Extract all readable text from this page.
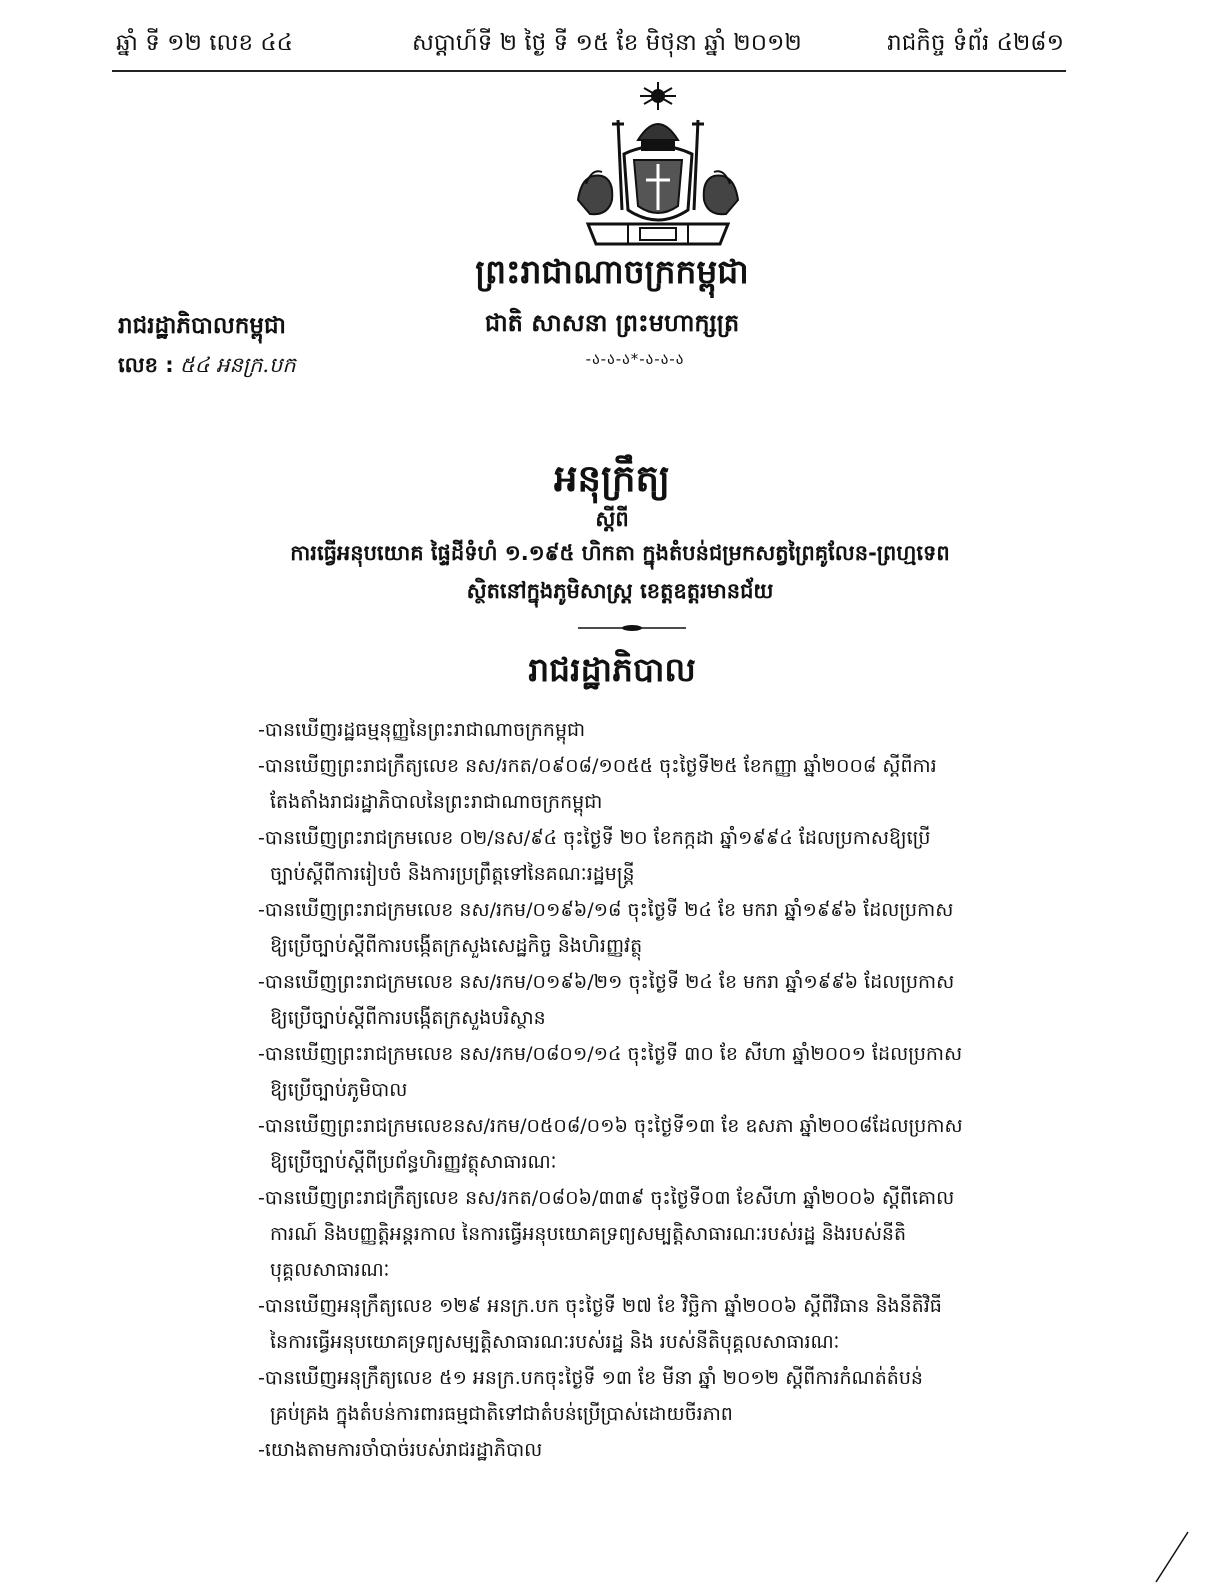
ឆ្នាំ ទី ១២ លេខ ៤៤	សប្តាហ៍ទី ២ ថ្ងៃ ទី ១៥ ខែ មិថុនា ឆ្នាំ ២០១២	រាជកិច្ច ទំព័រ ៤២៨១
ព្រះរាជាណាចក្រកម្ពុជា
ជាតិ សាសនា ព្រះមហាក្សត្រ
-ა-ა-ა*-ა-ა-ა
រាជរដ្ឋាភិបាលកម្ពុជា
លេខ : ៥៤ អនក្រ.បក
អនុក្រឹត្យ
ស្តីពី
ការធ្វើអនុបយោគ ផ្ទៃដីទំហំ ១.១៩៥ ហិកតា ក្នុងតំបន់ជម្រកសត្វព្រៃគូលែន-ព្រហ្មទេព
ស្ថិតនៅក្នុងភូមិសាស្ត្រ ខេត្តឧត្តរមានជ័យ
រាជរដ្ឋាភិបាល
-បានឃើញរដ្ឋធម្មនុញ្ញនៃព្រះរាជាណាចក្រកម្ពុជា
-បានឃើញព្រះរាជក្រឹត្យលេខ នស/រកត/០៩០៨/១០៥៥ ចុះថ្ងៃទី២៥ ខែកញ្ញា ឆ្នាំ២០០៨ ស្តីពីការ
តែងតាំងរាជរដ្ឋាភិបាលនៃព្រះរាជាណាចក្រកម្ពុជា
-បានឃើញព្រះរាជក្រមលេខ ០២/នស/៩៤ ចុះថ្ងៃទី ២០ ខែកក្កដា ឆ្នាំ១៩៩៤ ដែលប្រកាសឱ្យប្រើ
ច្បាប់ស្តីពីការរៀបចំ និងការប្រព្រឹត្តទៅនៃគណៈរដ្ឋមន្ត្រី
-បានឃើញព្រះរាជក្រមលេខ នស/រកម/០១៩៦/១៨ ចុះថ្ងៃទី ២៤ ខែ មករា ឆ្នាំ១៩៩៦ ដែលប្រកាស
ឱ្យប្រើច្បាប់ស្តីពីការបង្កើតក្រសួងសេដ្ឋកិច្ច និងហិរញ្ញវត្ថុ
-បានឃើញព្រះរាជក្រមលេខ នស/រកម/០១៩៦/២១ ចុះថ្ងៃទី ២៤ ខែ មករា ឆ្នាំ១៩៩៦ ដែលប្រកាស
ឱ្យប្រើច្បាប់ស្តីពីការបង្កើតក្រសួងបរិស្ថាន
-បានឃើញព្រះរាជក្រមលេខ នស/រកម/០៨០១/១៤ ចុះថ្ងៃទី ៣០ ខែ សីហា ឆ្នាំ២០០១ ដែលប្រកាស
ឱ្យប្រើច្បាប់ភូមិបាល
-បានឃើញព្រះរាជក្រមលេខនស/រកម/០៥០៨/០១៦ ចុះថ្ងៃទី១៣ ខែ ឧសភា ឆ្នាំ២០០៨ដែលប្រកាស
ឱ្យប្រើច្បាប់ស្តីពីប្រព័ន្ធហិរញ្ញវត្ថុសាធារណៈ
-បានឃើញព្រះរាជក្រឹត្យលេខ នស/រកត/០៨០៦/៣៣៩ ចុះថ្ងៃទី០៣ ខែសីហា ឆ្នាំ២០០៦ ស្តីពីគោល
ការណ៍ និងបញ្ញត្តិអន្តរកាល នៃការធ្វើអនុបយោគទ្រព្យសម្បត្តិសាធារណៈរបស់រដ្ឋ និងរបស់នីតិ
បុគ្គលសាធារណៈ
-បានឃើញអនុក្រឹត្យលេខ ១២៩ អនក្រ.បក ចុះថ្ងៃទី ២៧ ខែ វិច្ឆិកា ឆ្នាំ២០០៦ ស្តីពីវិធាន និងនីតិវិធី
នៃការធ្វើអនុបយោគទ្រព្យសម្បត្តិសាធារណៈរបស់រដ្ឋ និង របស់នីតិបុគ្គលសាធារណៈ
-បានឃើញអនុក្រឹត្យលេខ ៥១ អនក្រ.បកចុះថ្ងៃទី ១៣ ខែ មីនា ឆ្នាំ ២០១២ ស្តីពីការកំណត់តំបន់
គ្រប់គ្រង ក្នុងតំបន់ការពារធម្មជាតិទៅជាតំបន់ប្រើប្រាស់ដោយចីរភាព
-យោងតាមការចាំបាច់របស់រាជរដ្ឋាភិបាល
